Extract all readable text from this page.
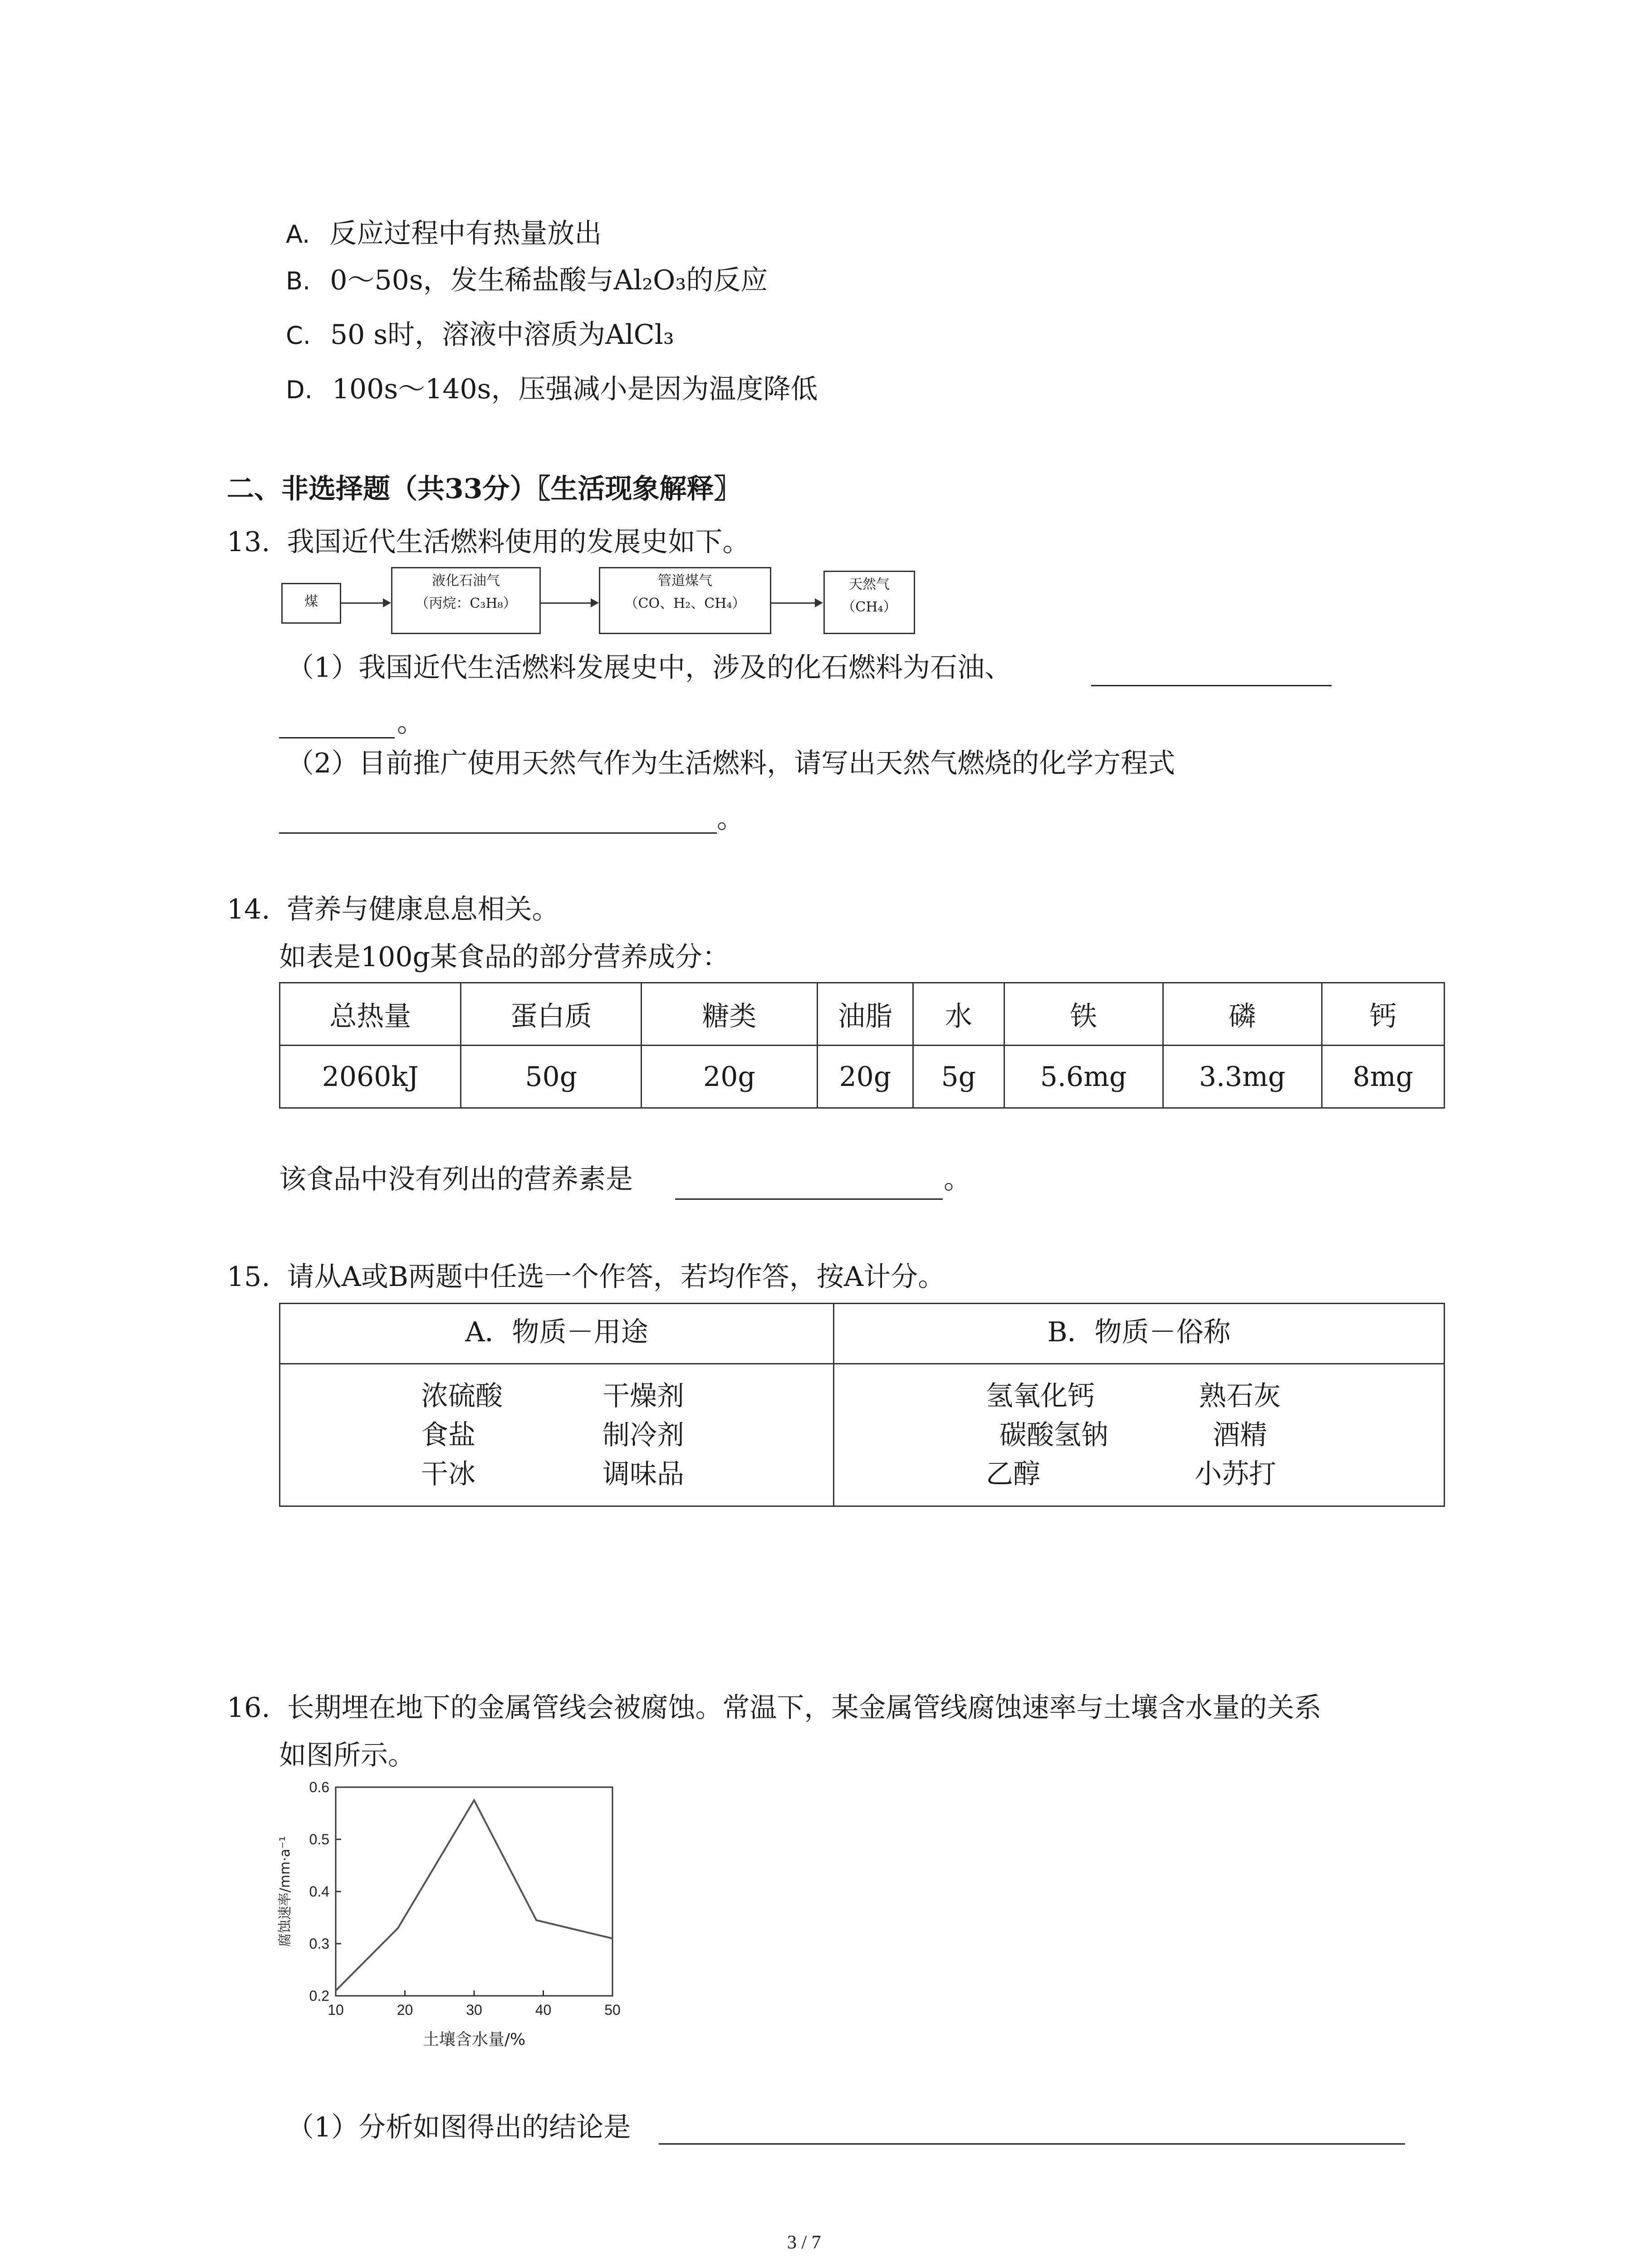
A. 反应过程中有热量放出
B. 0～50s，发生稀盐酸与Al₂O₃的反应
C. 50 s时，溶液中溶质为AlCl₃
D. 100s～140s，压强减小是因为温度降低
二、非选择题（共33分）〖生活现象解释〗
13. 我国近代生活燃料使用的发展史如下。
煤
液化石油气
（丙烷：C₃H₈）
管道煤气
（CO、H₂、CH₄）
天然气
（CH₄）
（1）我国近代生活燃料发展史中，涉及的化石燃料为石油、
。
（2）目前推广使用天然气作为生活燃料，请写出天然气燃烧的化学方程式
。
14. 营养与健康息息相关。
如表是100g某食品的部分营养成分：
总热量	蛋白质	糖类	油脂	水	铁	磷	钙
2060kJ	50g	20g	20g	5g	5.6mg	3.3mg	8mg
该食品中没有列出的营养素是	。
15. 请从A或B两题中任选一个作答，若均作答，按A计分。
A．物质－用途	B．物质－俗称
浓硫酸	干燥剂
食盐	制冷剂
干冰	调味品
氢氧化钙	熟石灰
碳酸氢钠	酒精
乙醇	小苏打
16. 长期埋在地下的金属管线会被腐蚀。常温下，某金属管线腐蚀速率与土壤含水量的关系
如图所示。
10	20	30	40	50
0.2
0.3
0.4
0.5
0.6
土壤含水量/%
腐蚀速率/mm·a⁻¹
（1）分析如图得出的结论是
3 / 7
